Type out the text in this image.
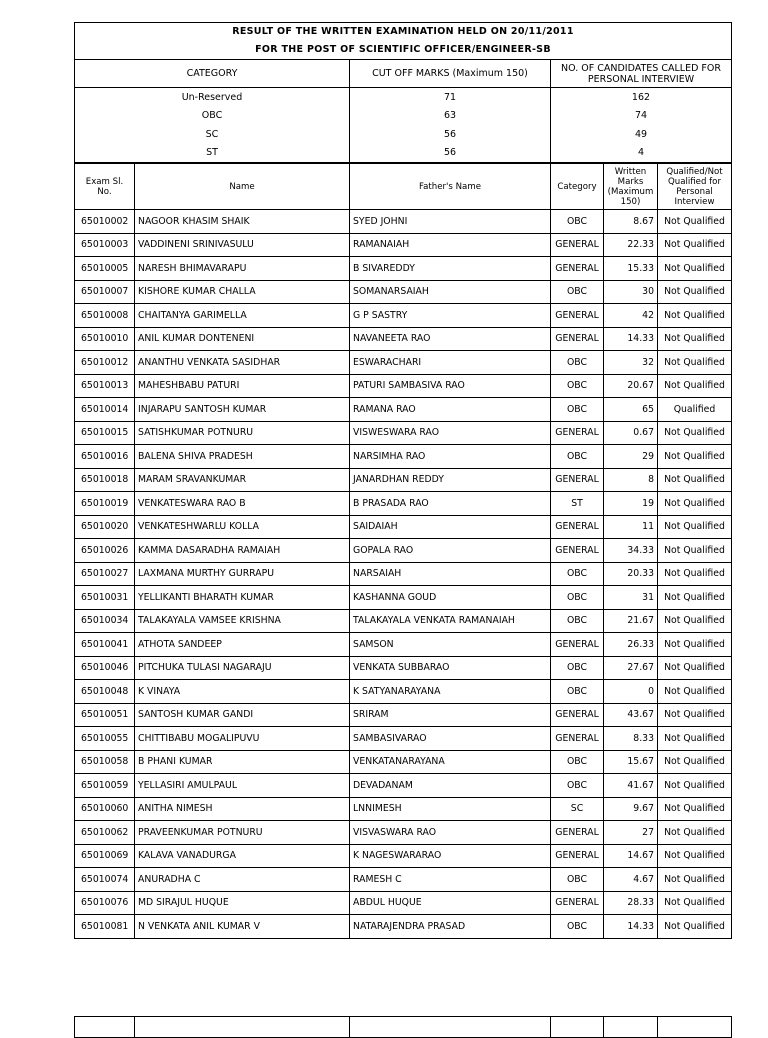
RESULT OF THE WRITTEN EXAMINATION HELD ON 20/11/2011
FOR THE POST OF SCIENTIFIC OFFICER/ENGINEER-SB
CATEGORY	CUT OFF MARKS (Maximum 150)	NO. OF CANDIDATES CALLED FOR PERSONAL INTERVIEW
Un-Reserved	71	162
OBC	63	74
SC	56	49
ST	56	4
Exam Sl. No.	Name	Father's Name	Category	Written Marks (Maximum 150)	Qualified/Not Qualified for Personal Interview
65010002	NAGOOR KHASIM SHAIK	SYED JOHNI	OBC	8.67	Not Qualified
65010003	VADDINENI SRINIVASULU	RAMANAIAH	GENERAL	22.33	Not Qualified
65010005	NARESH BHIMAVARAPU	B SIVAREDDY	GENERAL	15.33	Not Qualified
65010007	KISHORE KUMAR CHALLA	SOMANARSAIAH	OBC	30	Not Qualified
65010008	CHAITANYA GARIMELLA	G P SASTRY	GENERAL	42	Not Qualified
65010010	ANIL KUMAR DONTENENI	NAVANEETA RAO	GENERAL	14.33	Not Qualified
65010012	ANANTHU VENKATA SASIDHAR	ESWARACHARI	OBC	32	Not Qualified
65010013	MAHESHBABU PATURI	PATURI SAMBASIVA RAO	OBC	20.67	Not Qualified
65010014	INJARAPU SANTOSH KUMAR	RAMANA RAO	OBC	65	Qualified
65010015	SATISHKUMAR POTNURU	VISWESWARA RAO	GENERAL	0.67	Not Qualified
65010016	BALENA SHIVA PRADESH	NARSIMHA RAO	OBC	29	Not Qualified
65010018	MARAM SRAVANKUMAR	JANARDHAN REDDY	GENERAL	8	Not Qualified
65010019	VENKATESWARA RAO B	B PRASADA RAO	ST	19	Not Qualified
65010020	VENKATESHWARLU KOLLA	SAIDAIAH	GENERAL	11	Not Qualified
65010026	KAMMA DASARADHA RAMAIAH	GOPALA RAO	GENERAL	34.33	Not Qualified
65010027	LAXMANA MURTHY GURRAPU	NARSAIAH	OBC	20.33	Not Qualified
65010031	YELLIKANTI BHARATH KUMAR	KASHANNA GOUD	OBC	31	Not Qualified
65010034	TALAKAYALA VAMSEE KRISHNA	TALAKAYALA VENKATA RAMANAIAH	OBC	21.67	Not Qualified
65010041	ATHOTA SANDEEP	SAMSON	GENERAL	26.33	Not Qualified
65010046	PITCHUKA TULASI NAGARAJU	VENKATA SUBBARAO	OBC	27.67	Not Qualified
65010048	K VINAYA	K SATYANARAYANA	OBC	0	Not Qualified
65010051	SANTOSH KUMAR GANDI	SRIRAM	GENERAL	43.67	Not Qualified
65010055	CHITTIBABU MOGALIPUVU	SAMBASIVARAO	GENERAL	8.33	Not Qualified
65010058	B PHANI KUMAR	VENKATANARAYANA	OBC	15.67	Not Qualified
65010059	YELLASIRI AMULPAUL	DEVADANAM	OBC	41.67	Not Qualified
65010060	ANITHA NIMESH	LNNIMESH	SC	9.67	Not Qualified
65010062	PRAVEENKUMAR POTNURU	VISVASWARA RAO	GENERAL	27	Not Qualified
65010069	KALAVA VANADURGA	K NAGESWARARAO	GENERAL	14.67	Not Qualified
65010074	ANURADHA C	RAMESH C	OBC	4.67	Not Qualified
65010076	MD SIRAJUL HUQUE	ABDUL HUQUE	GENERAL	28.33	Not Qualified
65010081	N VENKATA ANIL KUMAR V	NATARAJENDRA PRASAD	OBC	14.33	Not Qualified
